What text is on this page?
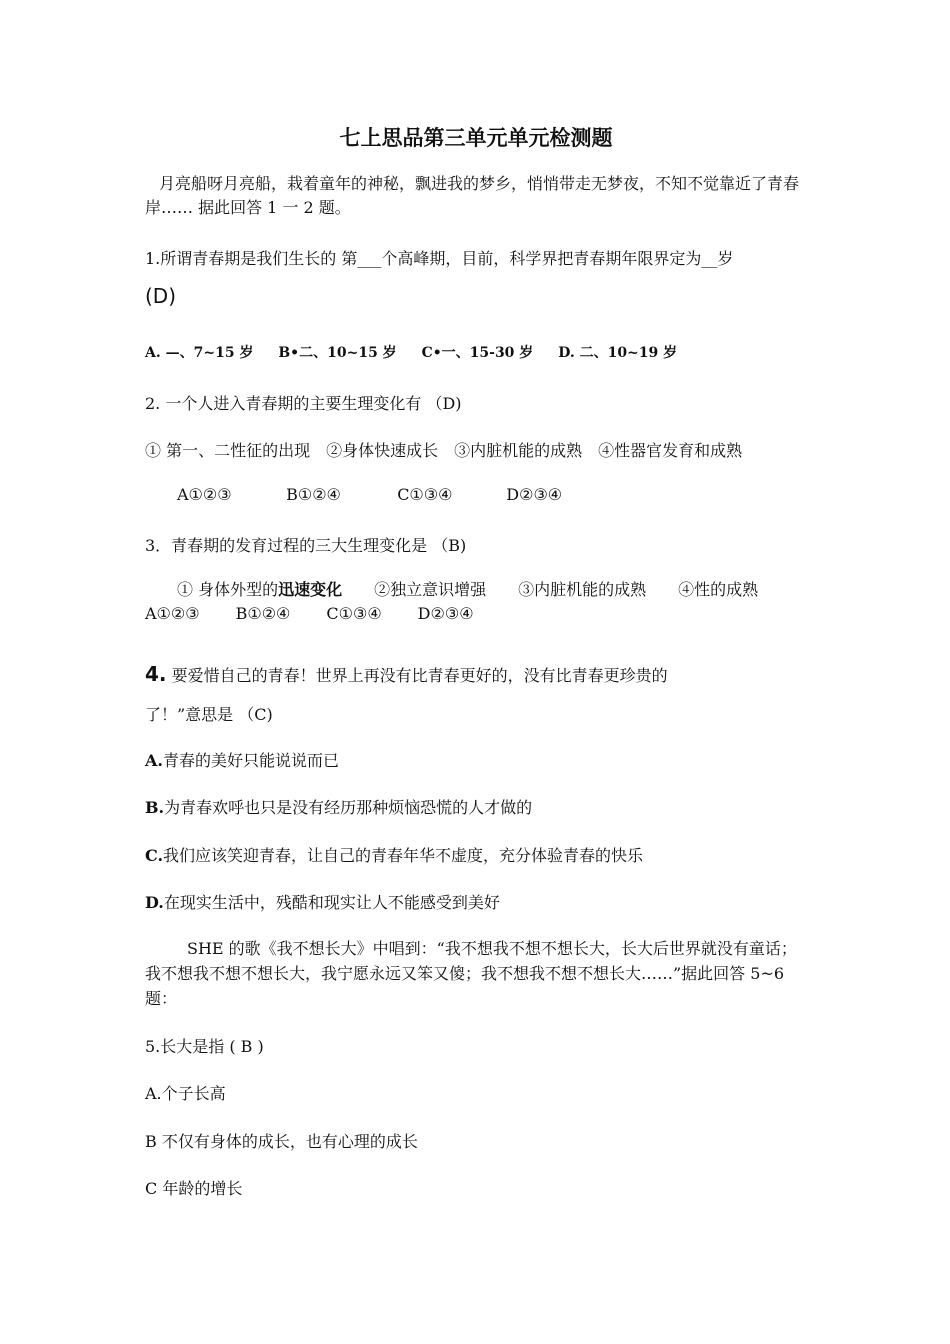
七上思品第三单元单元检测题
月亮船呀月亮船，栽着童年的神秘，飘进我的梦乡，悄悄带走无梦夜，不知不觉靠近了青春岸…… 据此回答 1 一 2 题。
1.所谓青春期是我们生长的 第___个高峰期，目前，科学界把青春期年限界定为__岁
(D)
A. —、7~15 岁 B•二、10~15 岁 C•一、15-30 岁 D. 二、10~19 岁
2. 一个人进入青春期的主要生理变化有 （D)
① 第一、二性征的出现　②身体快速成长　③内脏机能的成熟　④性器官发育和成熟
A①②③	B①②④	C①③④	D②③④
3．青春期的发育过程的三大生理变化是 （B)
① 身体外型的迅速变化　　②独立意识增强　　③内脏机能的成熟　　④性的成熟A①②③ B①②④ C①③④ D②③④
4. 要爱惜自己的青春！世界上再没有比青春更好的，没有比青春更珍贵的
了！”意思是 （C)
A.青春的美好只能说说而已
B.为青春欢呼也只是没有经历那种烦恼恐慌的人才做的
C.我们应该笑迎青春，让自己的青春年华不虚度，充分体验青春的快乐
D.在现实生活中，残酷和现实让人不能感受到美好
SHE 的歌《我不想长大》中唱到：“我不想我不想不想长大，长大后世界就没有童话；我不想我不想不想长大，我宁愿永远又笨又傻；我不想我不想不想长大……”据此回答 5~6 题：
5.长大是指 ( B )
A.个子长高
B 不仅有身体的成长，也有心理的成长
C 年龄的增长
